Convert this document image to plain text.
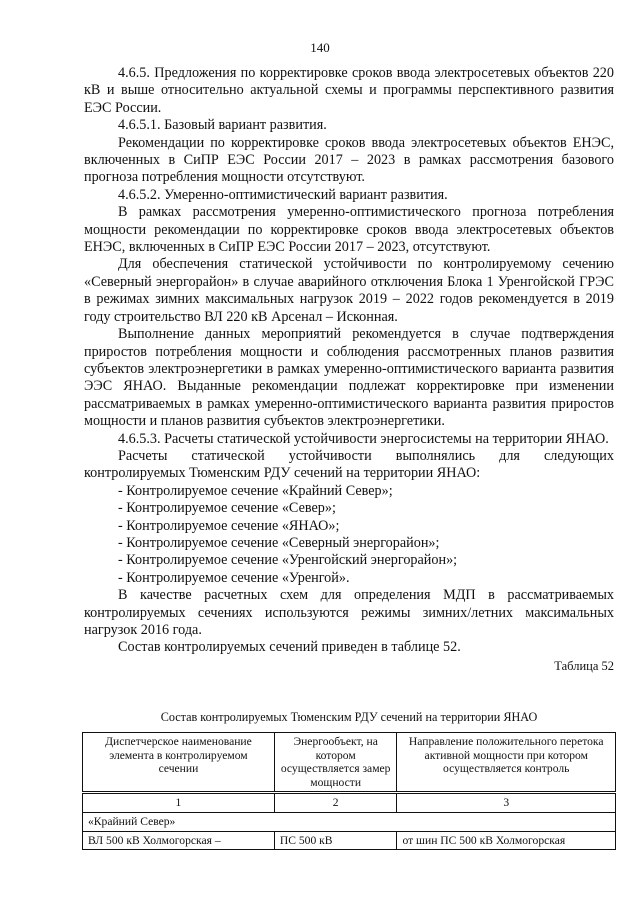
140

4.6.5. Предложения по корректировке сроков ввода электросетевых объектов 220 кВ и выше относительно актуальной схемы и программы перспективного развития ЕЭС России.

4.6.5.1. Базовый вариант развития.

Рекомендации по корректировке сроков ввода электросетевых объектов ЕНЭС, включенных в СиПР ЕЭС России 2017 – 2023 в рамках рассмотрения базового прогноза потребления мощности отсутствуют.

4.6.5.2. Умеренно-оптимистический вариант развития.

В рамках рассмотрения умеренно-оптимистического прогноза потребления мощности рекомендации по корректировке сроков ввода электросетевых объектов ЕНЭС, включенных в СиПР ЕЭС России 2017 – 2023, отсутствуют.

Для обеспечения статической устойчивости по контролируемому сечению «Северный энергорайон» в случае аварийного отключения Блока 1 Уренгойской ГРЭС в режимах зимних максимальных нагрузок 2019 – 2022 годов рекомендуется в 2019 году строительство ВЛ 220 кВ Арсенал – Исконная.

Выполнение данных мероприятий рекомендуется в случае подтверждения приростов потребления мощности и соблюдения рассмотренных планов развития субъектов электроэнергетики в рамках умеренно-оптимистического варианта развития ЭЭС ЯНАО. Выданные рекомендации подлежат корректировке при изменении рассматриваемых в рамках умеренно-оптимистического варианта развития приростов мощности и планов развития субъектов электроэнергетики.

4.6.5.3. Расчеты статической устойчивости энергосистемы на территории ЯНАО.

Расчеты статической устойчивости выполнялись для следующих контролируемых Тюменским РДУ сечений на территории ЯНАО:

- Контролируемое сечение «Крайний Север»;

- Контролируемое сечение «Север»;

- Контролируемое сечение «ЯНАО»;

- Контролируемое сечение «Северный энергорайон»;

- Контролируемое сечение «Уренгойский энергорайон»;

- Контролируемое сечение «Уренгой».

В качестве расчетных схем для определения МДП в рассматриваемых контролируемых сечениях используются режимы зимних/летних максимальных нагрузок 2016 года.

Состав контролируемых сечений приведен в таблице 52.

Таблица 52

Состав контролируемых Тюменским РДУ сечений на территории ЯНАО
Диспетчерское наименование элемента в контролируемом сечении	Энергообъект, на котором осуществляется замер мощности	Направление положительного перетока активной мощности при котором осуществляется контроль
1	2	3
«Крайний Север»		
ВЛ 500 кВ Холмогорская –	ПС 500 кВ	от шин ПС 500 кВ Холмогорская
